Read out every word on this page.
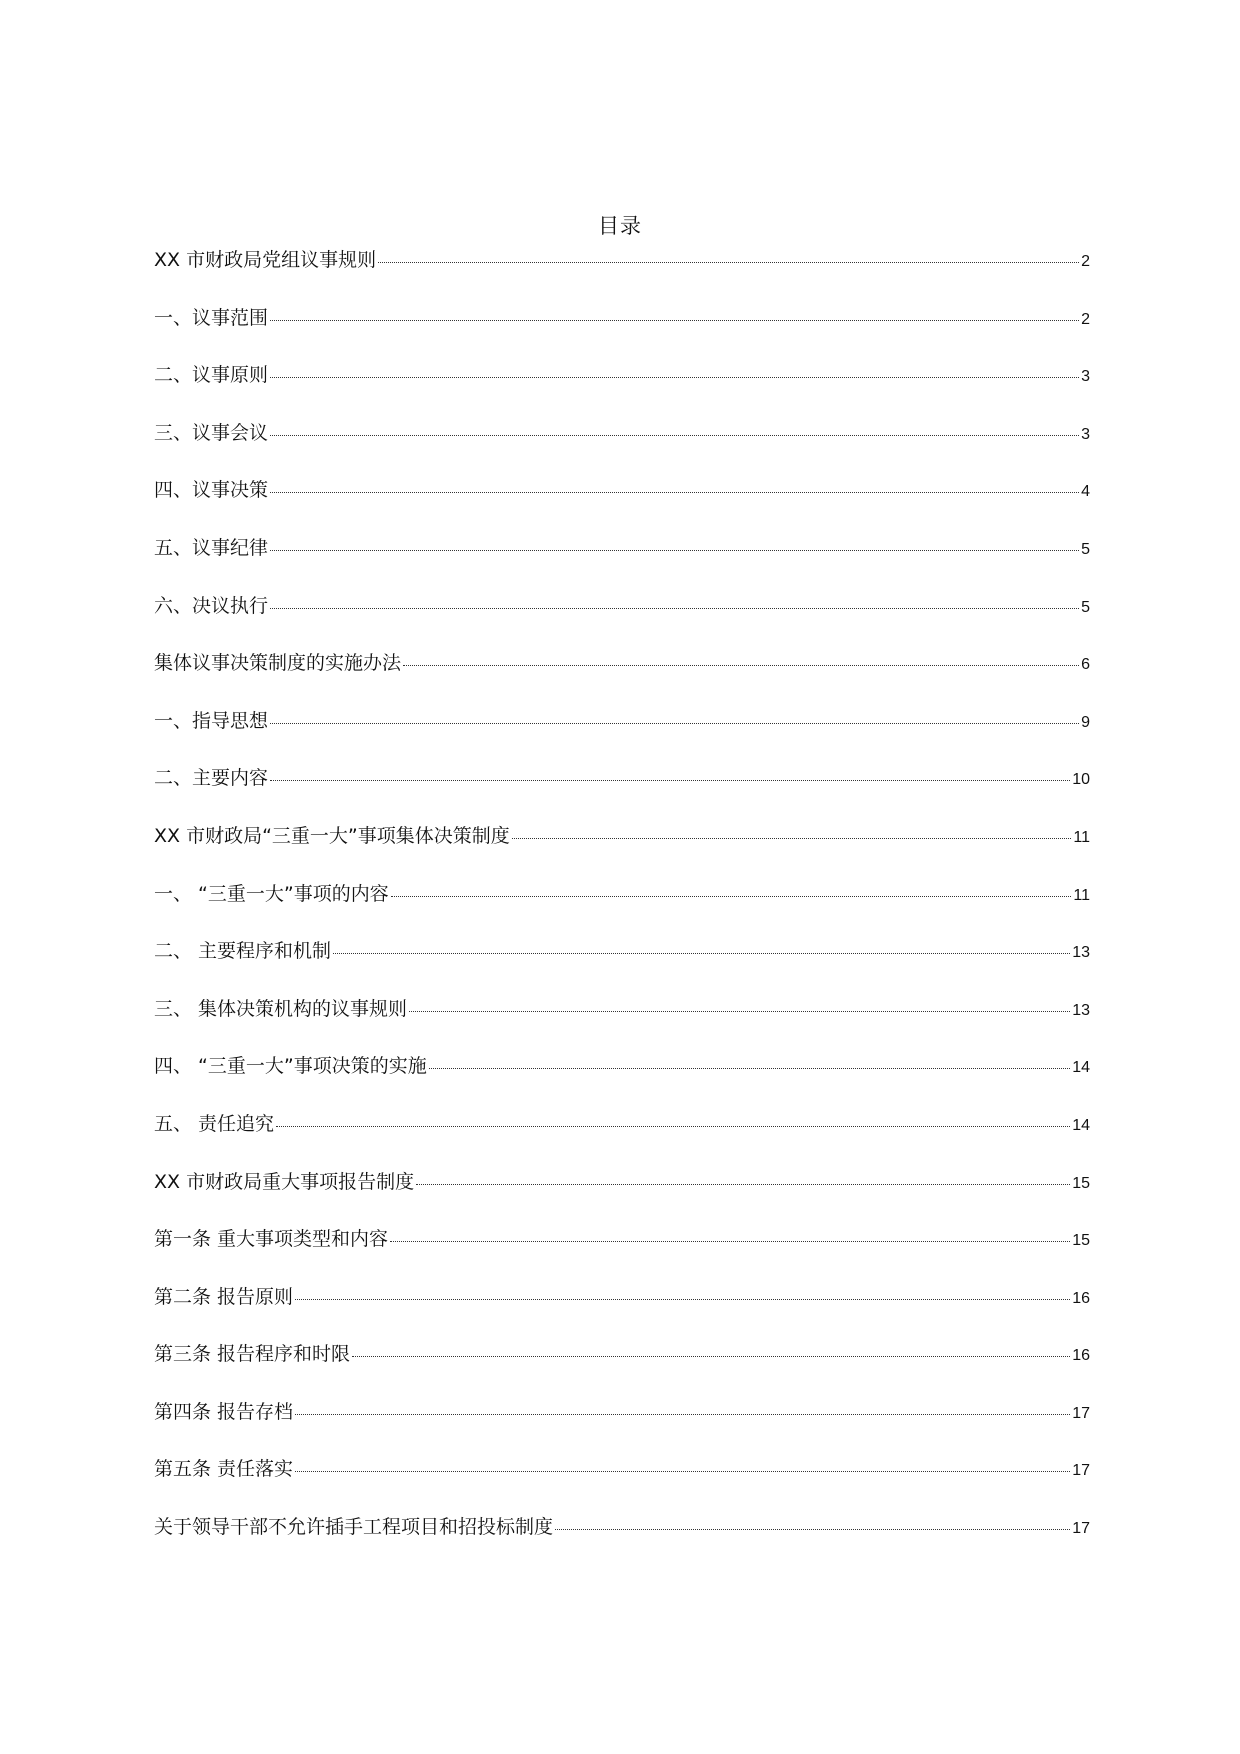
目录
XX 市财政局党组议事规则	2
一、议事范围	2
二、议事原则	3
三、议事会议	3
四、议事决策	4
五、议事纪律	5
六、决议执行	5
集体议事决策制度的实施办法	6
一、指导思想	9
二、主要内容	10
XX 市财政局“三重一大”事项集体决策制度	11
一、 “三重一大”事项的内容	11
二、 主要程序和机制	13
三、 集体决策机构的议事规则	13
四、 “三重一大”事项决策的实施	14
五、 责任追究	14
XX 市财政局重大事项报告制度	15
第一条 重大事项类型和内容	15
第二条 报告原则	16
第三条 报告程序和时限	16
第四条 报告存档	17
第五条 责任落实	17
关于领导干部不允许插手工程项目和招投标制度	17
